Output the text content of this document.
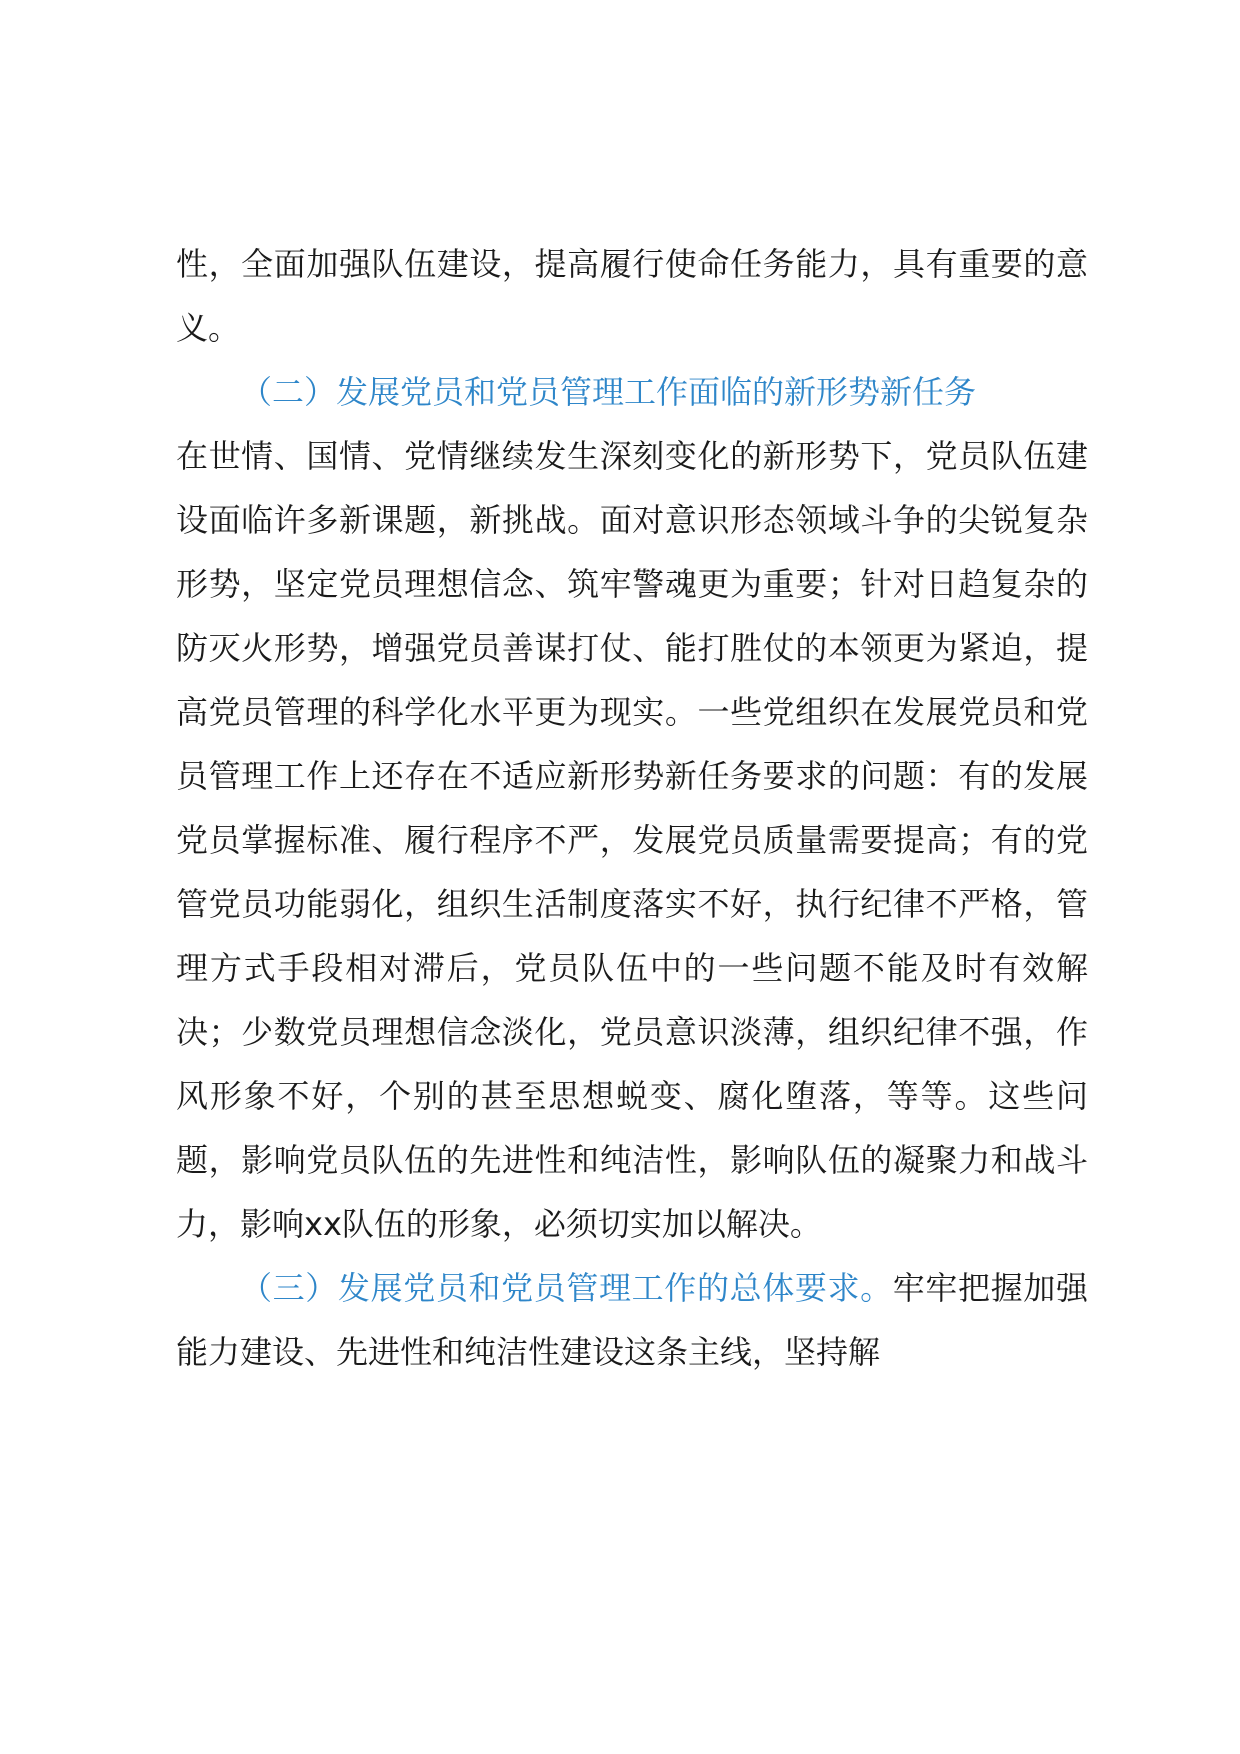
性，全面加强队伍建设，提高履行使命任务能力，具有重要的意义。

（二）发展党员和党员管理工作面临的新形势新任务

在世情、国情、党情继续发生深刻变化的新形势下，党员队伍建设面临许多新课题，新挑战。面对意识形态领域斗争的尖锐复杂形势，坚定党员理想信念、筑牢警魂更为重要；针对日趋复杂的防灭火形势，增强党员善谋打仗、能打胜仗的本领更为紧迫，提高党员管理的科学化水平更为现实。一些党组织在发展党员和党员管理工作上还存在不适应新形势新任务要求的问题：有的发展党员掌握标准、履行程序不严，发展党员质量需要提高；有的党管党员功能弱化，组织生活制度落实不好，执行纪律不严格，管理方式手段相对滞后，党员队伍中的一些问题不能及时有效解决；少数党员理想信念淡化，党员意识淡薄，组织纪律不强，作风形象不好，个别的甚至思想蜕变、腐化堕落，等等。这些问题，影响党员队伍的先进性和纯洁性，影响队伍的凝聚力和战斗力，影响xx队伍的形象，必须切实加以解决。

（三）发展党员和党员管理工作的总体要求。牢牢把握加强能力建设、先进性和纯洁性建设这条主线，坚持解
